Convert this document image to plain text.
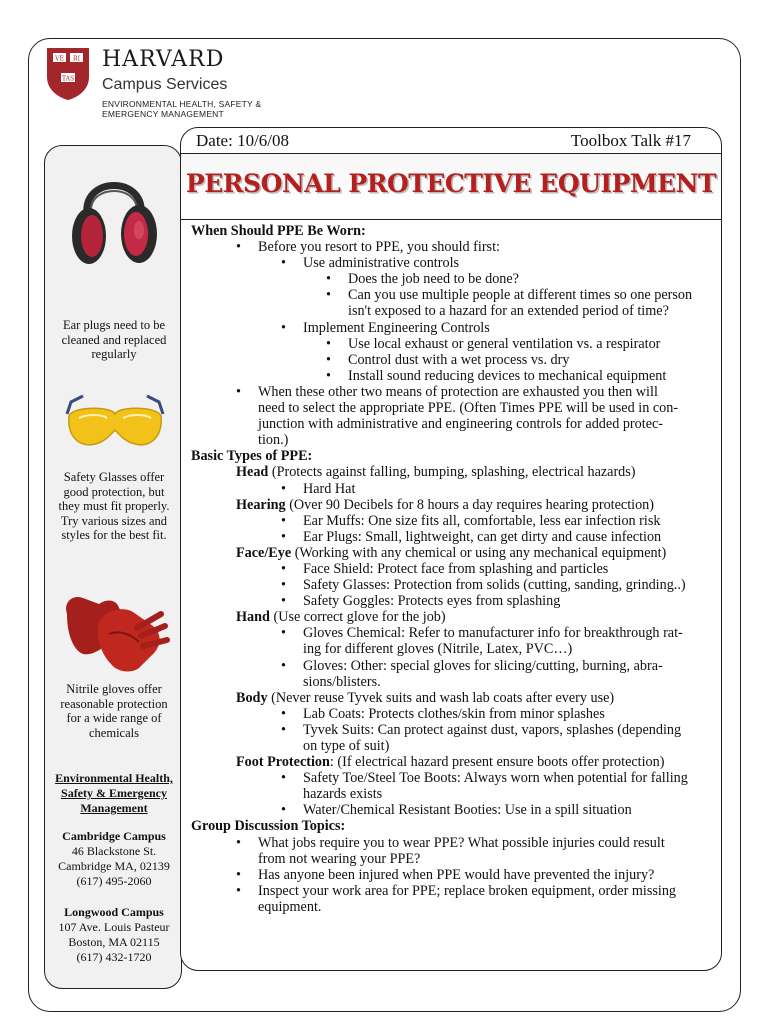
VE RI
TAS
HARVARD
Campus Services
ENVIRONMENTAL HEALTH, SAFETY &
EMERGENCY MANAGEMENT
Ear plugs need to be
cleaned and replaced
regularly
Safety Glasses offer
good protection, but
they must fit properly.
Try various sizes and
styles for the best fit.
Nitrile gloves offer
reasonable protection
for a wide range of
chemicals
Environmental Health,
Safety & Emergency
Management
Cambridge Campus
46 Blackstone St.
Cambridge MA, 02139
(617) 495-2060
Longwood Campus
107 Ave. Louis Pasteur
Boston, MA 02115
(617) 432-1720
Date: 10/6/08	Toolbox Talk #17
PERSONAL PROTECTIVE EQUIPMENT
When Should PPE Be Worn:
• Before you resort to PPE, you should first:
• Use administrative controls
• Does the job need to be done?
• Can you use multiple people at different times so one person
isn't exposed to a hazard for an extended period of time?
• Implement Engineering Controls
• Use local exhaust or general ventilation vs. a respirator
• Control dust with a wet process vs. dry
• Install sound reducing devices to mechanical equipment
• When these other two means of protection are exhausted you then will
need to select the appropriate PPE. (Often Times PPE will be used in con-
junction with administrative and engineering controls for added protec-
tion.)
Basic Types of PPE:
Head (Protects against falling, bumping, splashing, electrical hazards)
• Hard Hat
Hearing (Over 90 Decibels for 8 hours a day requires hearing protection)
• Ear Muffs: One size fits all, comfortable, less ear infection risk
• Ear Plugs: Small, lightweight, can get dirty and cause infection
Face/Eye (Working with any chemical or using any mechanical equipment)
• Face Shield: Protect face from splashing and particles
• Safety Glasses: Protection from solids (cutting, sanding, grinding..)
• Safety Goggles: Protects eyes from splashing
Hand (Use correct glove for the job)
• Gloves Chemical: Refer to manufacturer info for breakthrough rat-
ing for different gloves (Nitrile, Latex, PVC…)
• Gloves: Other: special gloves for slicing/cutting, burning, abra-
sions/blisters.
Body (Never reuse Tyvek suits and wash lab coats after every use)
• Lab Coats: Protects clothes/skin from minor splashes
• Tyvek Suits: Can protect against dust, vapors, splashes (depending
on type of suit)
Foot Protection: (If electrical hazard present ensure boots offer protection)
• Safety Toe/Steel Toe Boots: Always worn when potential for falling
hazards exists
• Water/Chemical Resistant Booties: Use in a spill situation
Group Discussion Topics:
• What jobs require you to wear PPE? What possible injuries could result
from not wearing your PPE?
• Has anyone been injured when PPE would have prevented the injury?
• Inspect your work area for PPE; replace broken equipment, order missing
equipment.
